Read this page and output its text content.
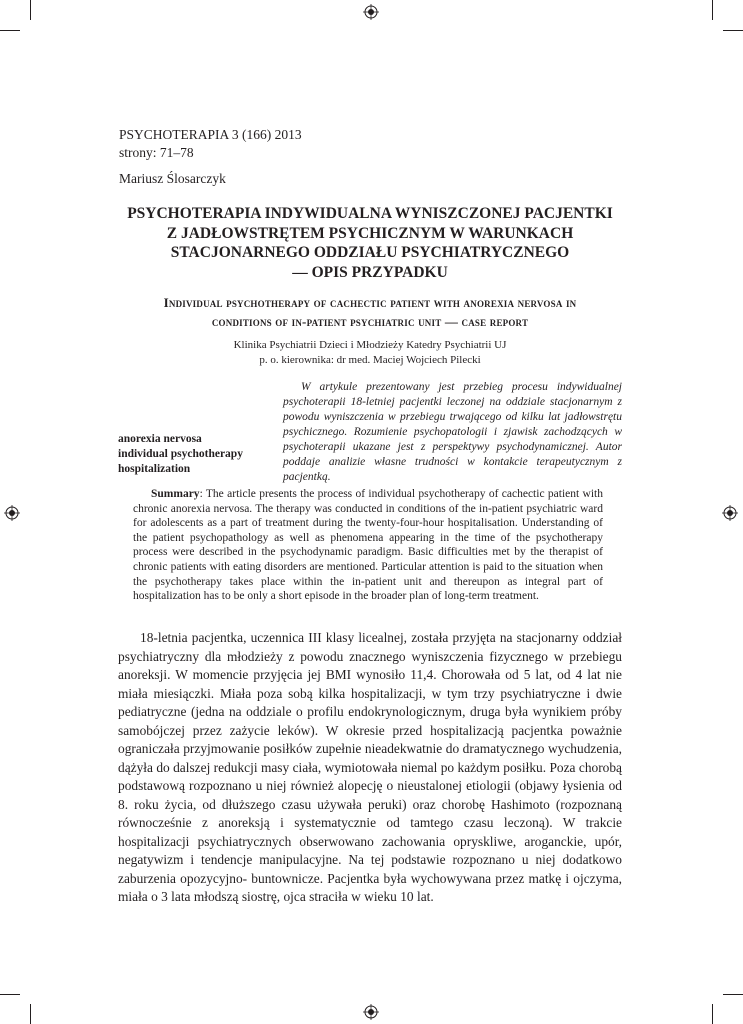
PSYCHOTERAPIA 3 (166) 2013
strony: 71–78
Mariusz Ślosarczyk
PSYCHOTERAPIA INDYWIDUALNA WYNISZCZONEJ PACJENTKI
Z JADŁOWSTRĘTEM PSYCHICZNYM W WARUNKACH
STACJONARNEGO ODDZIAŁU PSYCHIATRYCZNEGO
— OPIS PRZYPADKU
Individual psychotherapy of cachectic patient with anorexia nervosa in
conditions of in-patient psychiatric unit — case report
Klinika Psychiatrii Dzieci i Młodzieży Katedry Psychiatrii UJ
p. o. kierownika: dr med. Maciej Wojciech Pilecki
anorexia nervosa
individual psychotherapy
hospitalization
W artykule prezentowany jest przebieg procesu indywidualnej psychoterapii 18-letniej pacjentki leczonej na oddziale stacjonarnym z powodu wyniszczenia w przebiegu trwającego od kilku lat jadłowstrętu psychicznego. Rozumienie psychopatologii i zjawisk zachodzących w psychoterapii ukazane jest z perspektywy psychodynamicznej. Autor poddaje analizie własne trudności w kontakcie terapeutycznym z pacjentką.
Summary: The article presents the process of individual psychotherapy of cachectic patient with chronic anorexia nervosa. The therapy was conducted in conditions of the in-patient psychiatric ward for adolescents as a part of treatment during the twenty-four-hour hospitalisation. Understanding of the patient psychopathology as well as phenomena appearing in the time of the psychotherapy process were described in the psychodynamic paradigm. Basic difficulties met by the therapist of chronic patients with eating disorders are mentioned. Particular attention is paid to the situation when the psychotherapy takes place within the in-patient unit and thereupon as integral part of hospitalization has to be only a short episode in the broader plan of long-term treatment.
18-letnia pacjentka, uczennica III klasy licealnej, została przyjęta na stacjonarny oddział psychiatryczny dla młodzieży z powodu znacznego wyniszczenia fizycznego w przebiegu anoreksji. W momencie przyjęcia jej BMI wynosiło 11,4. Chorowała od 5 lat, od 4 lat nie miała miesiączki. Miała poza sobą kilka hospitalizacji, w tym trzy psychiatryczne i dwie pediatryczne (jedna na oddziale o profilu endokrynologicznym, druga była wynikiem próby samobójczej przez zażycie leków). W okresie przed hospitalizacją pacjentka poważnie ograniczała przyjmowanie posiłków zupełnie nieadekwatnie do dramatycznego wychudzenia, dążyła do dalszej redukcji masy ciała, wymiotowała niemal po każdym posiłku. Poza chorobą podstawową rozpoznano u niej również alopecję o nieustalonej etiologii (objawy łysienia od 8. roku życia, od dłuższego czasu używała peruki) oraz chorobę Hashimoto (rozpoznaną równocześnie z anoreksją i systematycznie od tamtego czasu leczoną). W trakcie hospitalizacji psychiatrycznych obserwowano zachowania opryskliwe, aroganckie, upór, negatywizm i tendencje manipulacyjne. Na tej podstawie rozpoznano u niej dodatkowo zaburzenia opozycyjno- buntownicze. Pacjentka była wychowywana przez matkę i ojczyma, miała o 3 lata młodszą siostrę, ojca straciła w wieku 10 lat.
